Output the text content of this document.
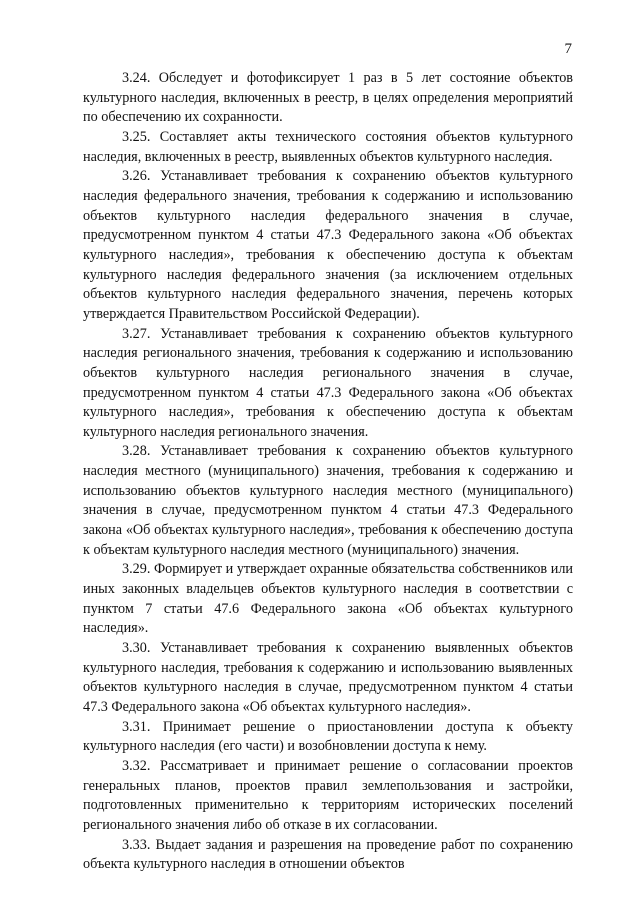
7

3.24. Обследует и фотофиксирует 1 раз в 5 лет состояние объектов культурного наследия, включенных в реестр, в целях определения мероприятий по обеспечению их сохранности.

3.25. Составляет акты технического состояния объектов культурного наследия, включенных в реестр, выявленных объектов культурного наследия.

3.26. Устанавливает требования к сохранению объектов культурного наследия федерального значения, требования к содержанию и использованию объектов культурного наследия федерального значения в случае, предусмотренном пунктом 4 статьи 47.3 Федерального закона «Об объектах культурного наследия», требования к обеспечению доступа к объектам культурного наследия федерального значения (за исключением отдельных объектов культурного наследия федерального значения, перечень которых утверждается Правительством Российской Федерации).

3.27. Устанавливает требования к сохранению объектов культурного наследия регионального значения, требования к содержанию и использованию объектов культурного наследия регионального значения в случае, предусмотренном пунктом 4 статьи 47.3 Федерального закона «Об объектах культурного наследия», требования к обеспечению доступа к объектам культурного наследия регионального значения.

3.28. Устанавливает требования к сохранению объектов культурного наследия местного (муниципального) значения, требования к содержанию и использованию объектов культурного наследия местного (муниципального) значения в случае, предусмотренном пунктом 4 статьи 47.3 Федерального закона «Об объектах культурного наследия», требования к обеспечению доступа к объектам культурного наследия местного (муниципального) значения.

3.29. Формирует и утверждает охранные обязательства собственников или иных законных владельцев объектов культурного наследия в соответствии с пунктом 7 статьи 47.6 Федерального закона «Об объектах культурного наследия».

3.30. Устанавливает требования к сохранению выявленных объектов культурного наследия, требования к содержанию и использованию выявленных объектов культурного наследия в случае, предусмотренном пунктом 4 статьи 47.3 Федерального закона «Об объектах культурного наследия».

3.31. Принимает решение о приостановлении доступа к объекту культурного наследия (его части) и возобновлении доступа к нему.

3.32. Рассматривает и принимает решение о согласовании проектов генеральных планов, проектов правил землепользования и застройки, подготовленных применительно к территориям исторических поселений регионального значения либо об отказе в их согласовании.

3.33. Выдает задания и разрешения на проведение работ по сохранению объекта культурного наследия в отношении объектов
